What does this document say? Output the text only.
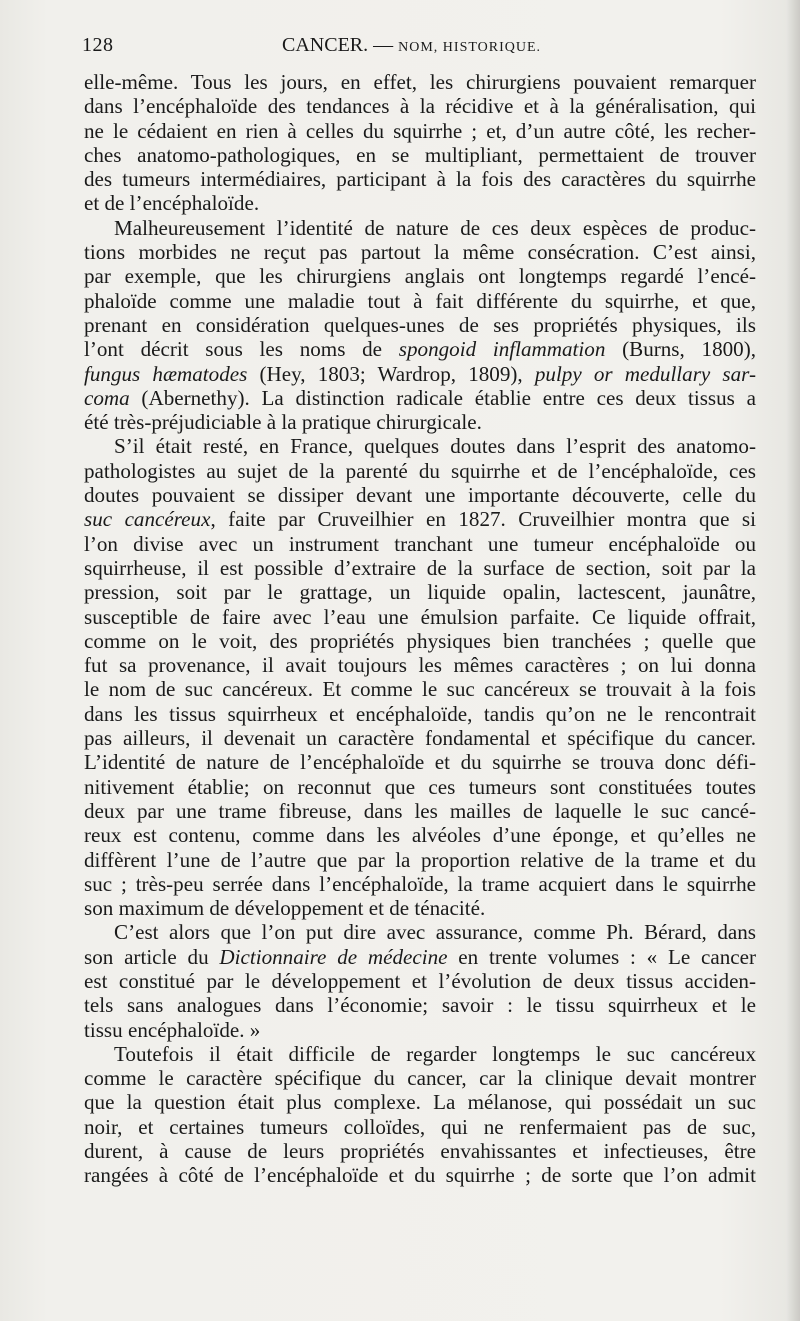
128	CANCER. — NOM, HISTORIQUE.
elle-même. Tous les jours, en effet, les chirurgiens pouvaient remarquer
dans l’encéphaloïde des tendances à la récidive et à la généralisation, qui
ne le cédaient en rien à celles du squirrhe ; et, d’un autre côté, les recher-
ches anatomo-pathologiques, en se multipliant, permettaient de trouver
des tumeurs intermédiaires, participant à la fois des caractères du squirrhe
et de l’encéphaloïde.
Malheureusement l’identité de nature de ces deux espèces de produc-
tions morbides ne reçut pas partout la même consécration. C’est ainsi,
par exemple, que les chirurgiens anglais ont longtemps regardé l’encé-
phaloïde comme une maladie tout à fait différente du squirrhe, et que,
prenant en considération quelques-unes de ses propriétés physiques, ils
l’ont décrit sous les noms de spongoid inflammation (Burns, 1800),
fungus hæmatodes (Hey, 1803; Wardrop, 1809), pulpy or medullary sar-
coma (Abernethy). La distinction radicale établie entre ces deux tissus a
été très-préjudiciable à la pratique chirurgicale.
S’il était resté, en France, quelques doutes dans l’esprit des anatomo-
pathologistes au sujet de la parenté du squirrhe et de l’encéphaloïde, ces
doutes pouvaient se dissiper devant une importante découverte, celle du
suc cancéreux, faite par Cruveilhier en 1827. Cruveilhier montra que si
l’on divise avec un instrument tranchant une tumeur encéphaloïde ou
squirrheuse, il est possible d’extraire de la surface de section, soit par la
pression, soit par le grattage, un liquide opalin, lactescent, jaunâtre,
susceptible de faire avec l’eau une émulsion parfaite. Ce liquide offrait,
comme on le voit, des propriétés physiques bien tranchées ; quelle que
fut sa provenance, il avait toujours les mêmes caractères ; on lui donna
le nom de suc cancéreux. Et comme le suc cancéreux se trouvait à la fois
dans les tissus squirrheux et encéphaloïde, tandis qu’on ne le rencontrait
pas ailleurs, il devenait un caractère fondamental et spécifique du cancer.
L’identité de nature de l’encéphaloïde et du squirrhe se trouva donc défi-
nitivement établie; on reconnut que ces tumeurs sont constituées toutes
deux par une trame fibreuse, dans les mailles de laquelle le suc cancé-
reux est contenu, comme dans les alvéoles d’une éponge, et qu’elles ne
diffèrent l’une de l’autre que par la proportion relative de la trame et du
suc ; très-peu serrée dans l’encéphaloïde, la trame acquiert dans le squirrhe
son maximum de développement et de ténacité.
C’est alors que l’on put dire avec assurance, comme Ph. Bérard, dans
son article du Dictionnaire de médecine en trente volumes : « Le cancer
est constitué par le développement et l’évolution de deux tissus acciden-
tels sans analogues dans l’économie; savoir : le tissu squirrheux et le
tissu encéphaloïde. »
Toutefois il était difficile de regarder longtemps le suc cancéreux
comme le caractère spécifique du cancer, car la clinique devait montrer
que la question était plus complexe. La mélanose, qui possédait un suc
noir, et certaines tumeurs colloïdes, qui ne renfermaient pas de suc,
durent, à cause de leurs propriétés envahissantes et infectieuses, être
rangées à côté de l’encéphaloïde et du squirrhe ; de sorte que l’on admit
